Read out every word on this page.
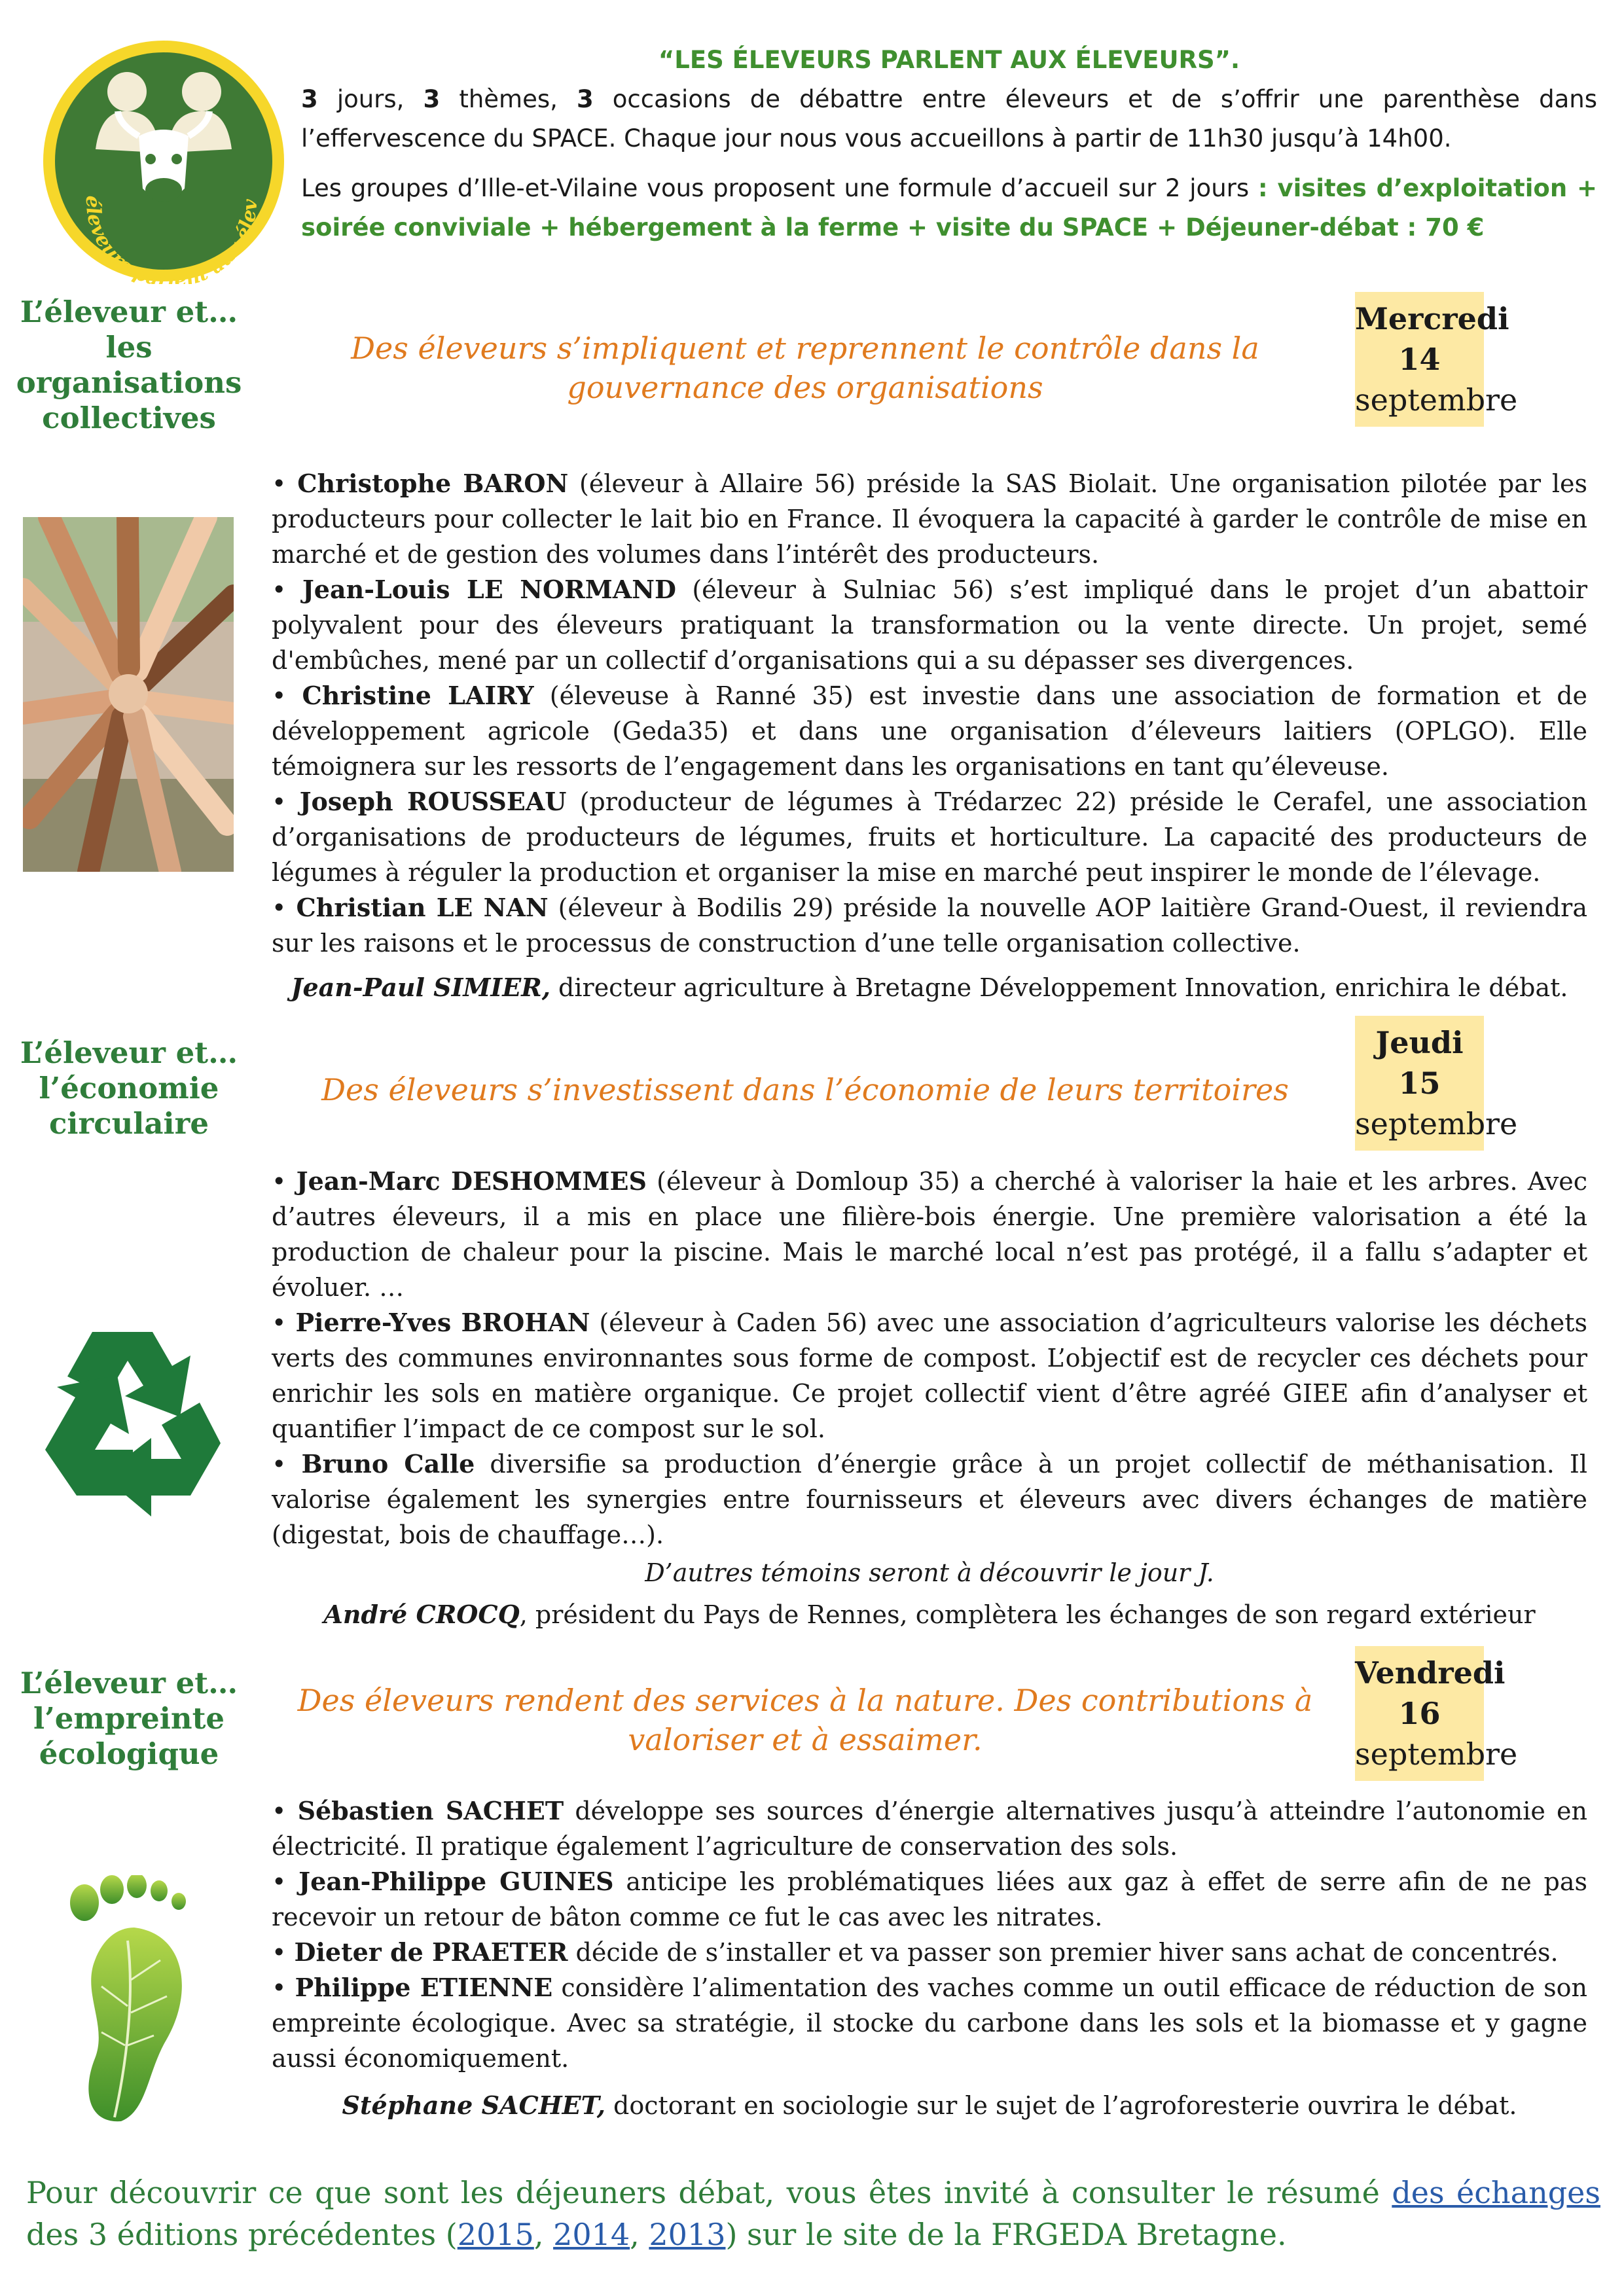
éleveurs parlent aux élev

“LES ÉLEVEURS PARLENT AUX ÉLEVEURS”.

3 jours, 3 thèmes, 3 occasions de débattre entre éleveurs et de s’offrir une parenthèse dans l’effervescence du SPACE. Chaque jour nous vous accueillons à partir de 11h30 jusqu’à 14h00.

Les groupes d’Ille-et-Vilaine vous proposent une formule d’accueil sur 2 jours : visites d’exploitation + soirée conviviale + hébergement à la ferme + visite du SPACE + Déjeuner-débat : 70 €

L’éleveur et… les organisations collectives
Des éleveurs s’impliquent et reprennent le contrôle dans la gouvernance des organisations
Mercredi
14
septembre

• Christophe BARON (éleveur à Allaire 56) préside la SAS Biolait. Une organisation pilotée par les producteurs pour collecter le lait bio en France. Il évoquera la capacité à garder le contrôle de mise en marché et de gestion des volumes dans l’intérêt des producteurs.

• Jean-Louis LE NORMAND (éleveur à Sulniac 56) s’est impliqué dans le projet d’un abattoir polyvalent pour des éleveurs pratiquant la transformation ou la vente directe. Un projet, semé d'embûches, mené par un collectif d’organisations qui a su dépasser ses divergences.

• Christine LAIRY (éleveuse à Ranné 35) est investie dans une association de formation et de développement agricole (Geda35) et dans une organisation d’éleveurs laitiers (OPLGO). Elle témoignera sur les ressorts de l’engagement dans les organisations en tant qu’éleveuse.

• Joseph ROUSSEAU (producteur de légumes à Trédarzec 22) préside le Cerafel, une association d’organisations de producteurs de légumes, fruits et horticulture. La capacité des producteurs de légumes à réguler la production et organiser la mise en marché peut inspirer le monde de l’élevage.

• Christian LE NAN (éleveur à Bodilis 29) préside la nouvelle AOP laitière Grand-Ouest, il reviendra sur les raisons et le processus de construction d’une telle organisation collective.

Jean-Paul SIMIER, directeur agriculture à Bretagne Développement Innovation, enrichira le débat.

L’éleveur et… l’économie circulaire
Des éleveurs s’investissent dans l’économie de leurs territoires
Jeudi
15
septembre

• Jean-Marc DESHOMMES (éleveur à Domloup 35) a cherché à valoriser la haie et les arbres. Avec d’autres éleveurs, il a mis en place une filière-bois énergie. Une première valorisation a été la production de chaleur pour la piscine. Mais le marché local n’est pas protégé, il a fallu s’adapter et évoluer. …

• Pierre-Yves BROHAN (éleveur à Caden 56) avec une association d’agriculteurs valorise les déchets verts des communes environnantes sous forme de compost. L’objectif est de recycler ces déchets pour enrichir les sols en matière organique. Ce projet collectif vient d’être agréé GIEE afin d’analyser et quantifier l’impact de ce compost sur le sol.

• Bruno Calle diversifie sa production d’énergie grâce à un projet collectif de méthanisation. Il valorise également les synergies entre fournisseurs et éleveurs avec divers échanges de matière (digestat, bois de chauffage…).

D’autres témoins seront à découvrir le jour J.

André CROCQ, président du Pays de Rennes, complètera les échanges de son regard extérieur

L’éleveur et… l’empreinte écologique
Des éleveurs rendent des services à la nature. Des contributions à valoriser et à essaimer.
Vendredi
16
septembre

• Sébastien SACHET développe ses sources d’énergie alternatives jusqu’à atteindre l’autonomie en électricité. Il pratique également l’agriculture de conservation des sols.

• Jean-Philippe GUINES anticipe les problématiques liées aux gaz à effet de serre afin de ne pas recevoir un retour de bâton comme ce fut le cas avec les nitrates.

• Dieter de PRAETER décide de s’installer et va passer son premier hiver sans achat de concentrés.

• Philippe ETIENNE considère l’alimentation des vaches comme un outil efficace de réduction de son empreinte écologique. Avec sa stratégie, il stocke du carbone dans les sols et la biomasse et y gagne aussi économiquement.

Stéphane SACHET, doctorant en sociologie sur le sujet de l’agroforesterie ouvrira le débat.

Pour découvrir ce que sont les déjeuners débat, vous êtes invité à consulter le résumé des échanges des 3 éditions précédentes (2015, 2014, 2013) sur le site de la FRGEDA Bretagne.
